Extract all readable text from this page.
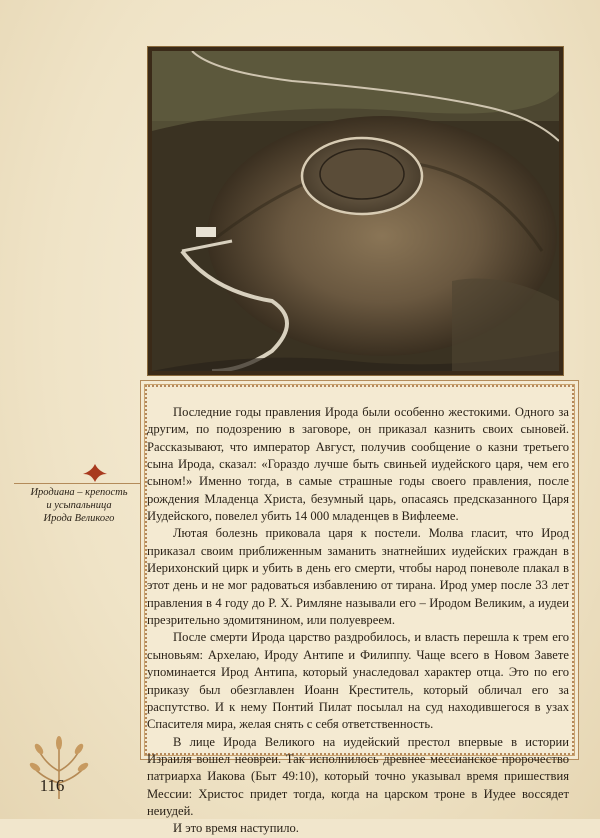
Иродиана – крепость
и усыпальница
Ирода Великого

Последние годы правления Ирода были особенно жестокими. Одного за другим, по подозрению в заговоре, он приказал казнить своих сыновей. Рассказывают, что император Август, получив сообщение о казни третьего сына Ирода, сказал: «Гораздо лучше быть свиньей иудейского царя, чем его сыном!» Именно тогда, в самые страшные годы своего правления, после рождения Младенца Христа, безумный царь, опасаясь предсказанного Царя Иудейского, повелел убить 14 000 младенцев в Вифлееме.

Лютая болезнь приковала царя к постели. Молва гласит, что Ирод приказал своим приближенным заманить знатнейших иудейских граждан в Иерихонский цирк и убить в день его смерти, чтобы народ поневоле плакал в этот день и не мог радоваться избавлению от тирана. Ирод умер после 33 лет правления в 4 году до Р. Х. Римляне называли его – Иродом Великим, а иудеи презрительно эдомитянином, или полуевреем.

После смерти Ирода царство раздробилось, и власть перешла к трем его сыновьям: Архелаю, Ироду Антипе и Филиппу. Чаще всего в Новом Завете упоминается Ирод Антипа, который унаследовал характер отца. Это по его приказу был обезглавлен Иоанн Креститель, который обличал его за распутство. И к нему Понтий Пилат посылал на суд находившегося в узах Спасителя мира, желая снять с себя ответственность.

В лице Ирода Великого на иудейский престол впервые в истории Израиля вошел неовреи. Так исполнилось древнее мессианское пророчество патриарха Иакова (Быт 49:10), который точно указывал время пришествия Мессии: Христос придет тогда, когда на царском троне в Иудее воссядет неиудей.

И это время наступило.

116
